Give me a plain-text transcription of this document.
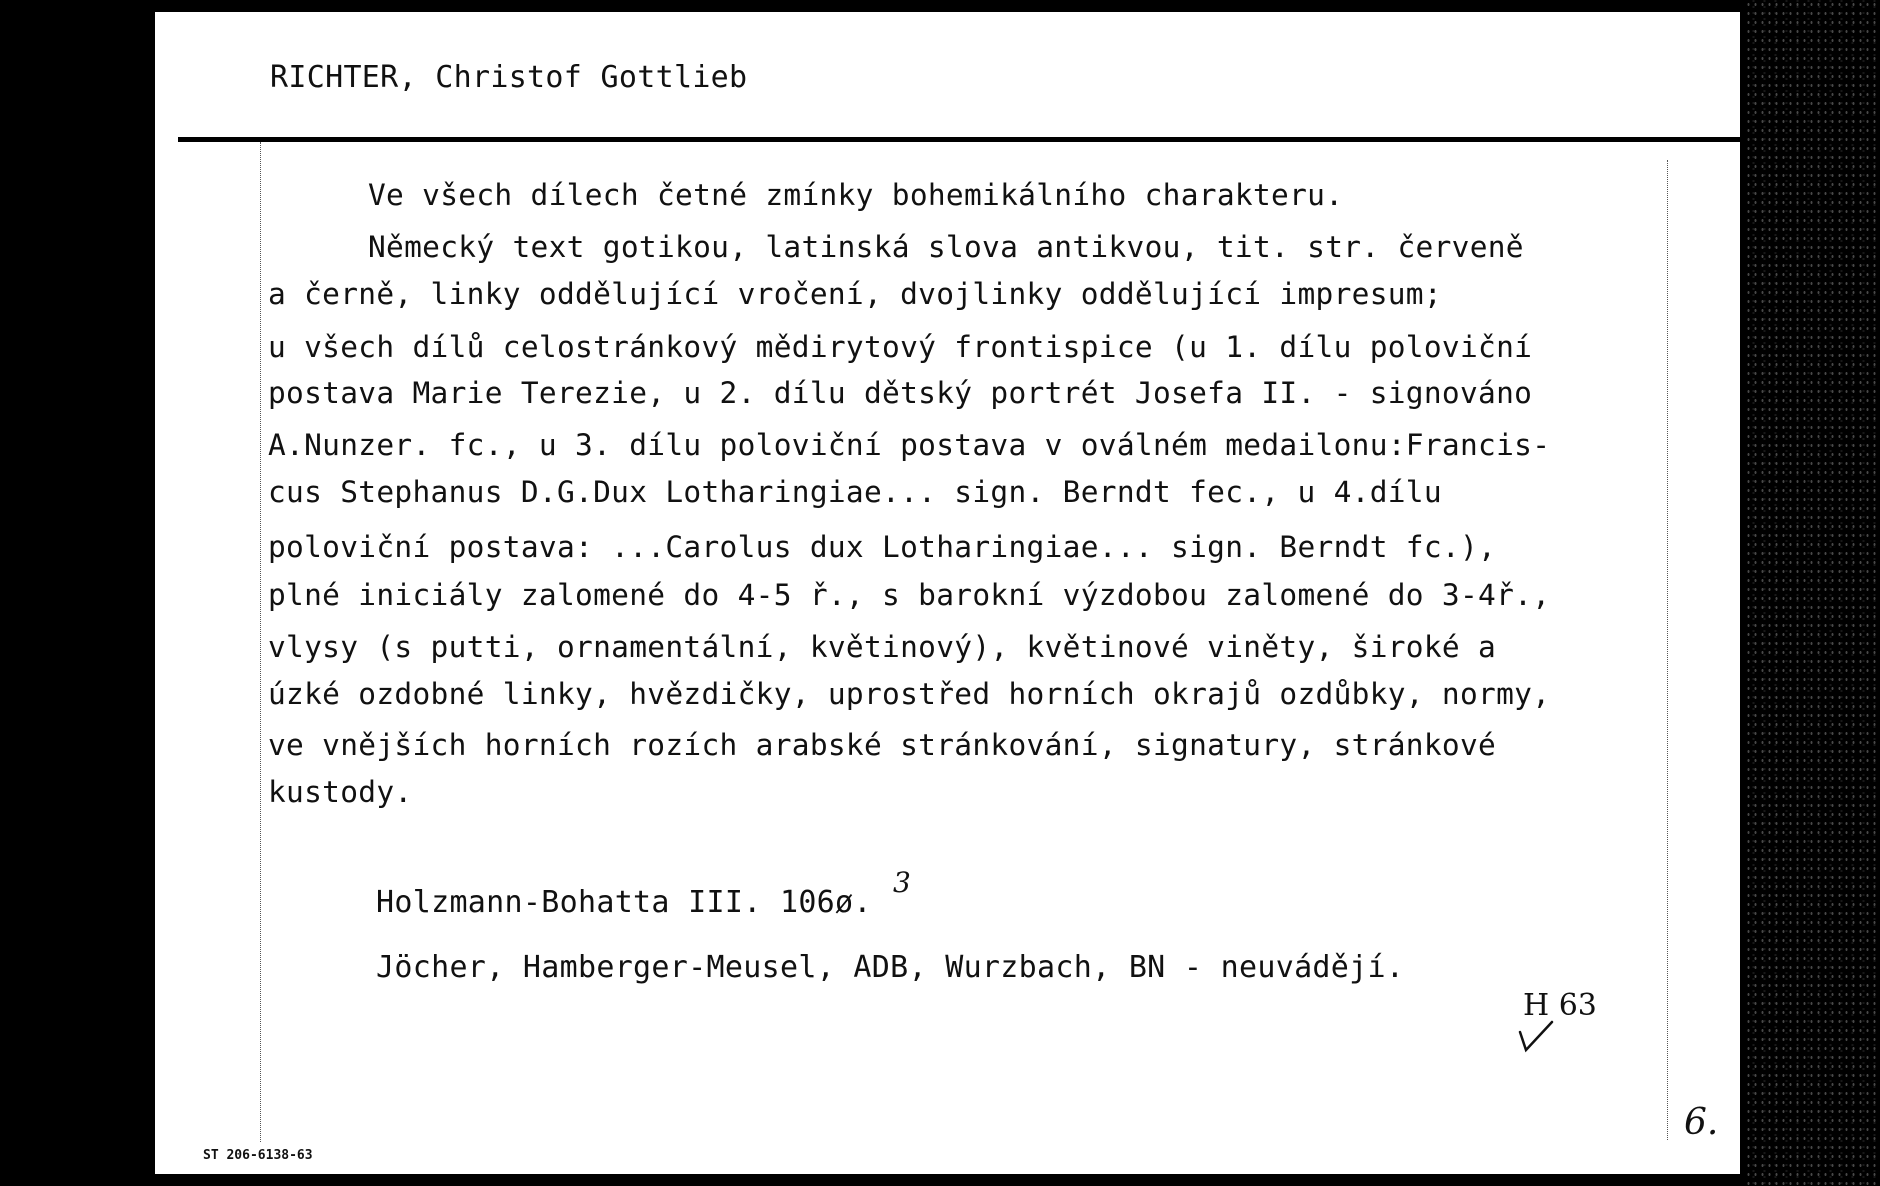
RICHTER, Christof Gottlieb
Ve všech dílech četné zmínky bohemikálního charakteru.
Německý text gotikou, latinská slova antikvou, tit. str. červeně
a černě, linky oddělující vročení, dvojlinky oddělující impresum;
u všech dílů celostránkový mědirytový frontispice (u 1. dílu poloviční
postava Marie Terezie, u 2. dílu dětský portrét Josefa II. - signováno
A.Nunzer. fc., u 3. dílu poloviční postava v oválném medailonu:Francis-
cus Stephanus D.G.Dux Lotharingiae... sign. Berndt fec., u 4.dílu
poloviční postava: ...Carolus dux Lotharingiae... sign. Berndt fc.),
plné iniciály zalomené do 4-5 ř., s barokní výzdobou zalomené do 3-4ř.,
vlysy (s putti, ornamentální, květinový), květinové viněty, široké a
úzké ozdobné linky, hvězdičky, uprostřed horních okrajů ozdůbky, normy,
ve vnějších horních rozích arabské stránkování, signatury, stránkové
kustody.
Holzmann-Bohatta III. 106ø.
3
Jöcher, Hamberger-Meusel, ADB, Wurzbach, BN - neuvádějí.
H 63
6.
ST 206-6138-63
